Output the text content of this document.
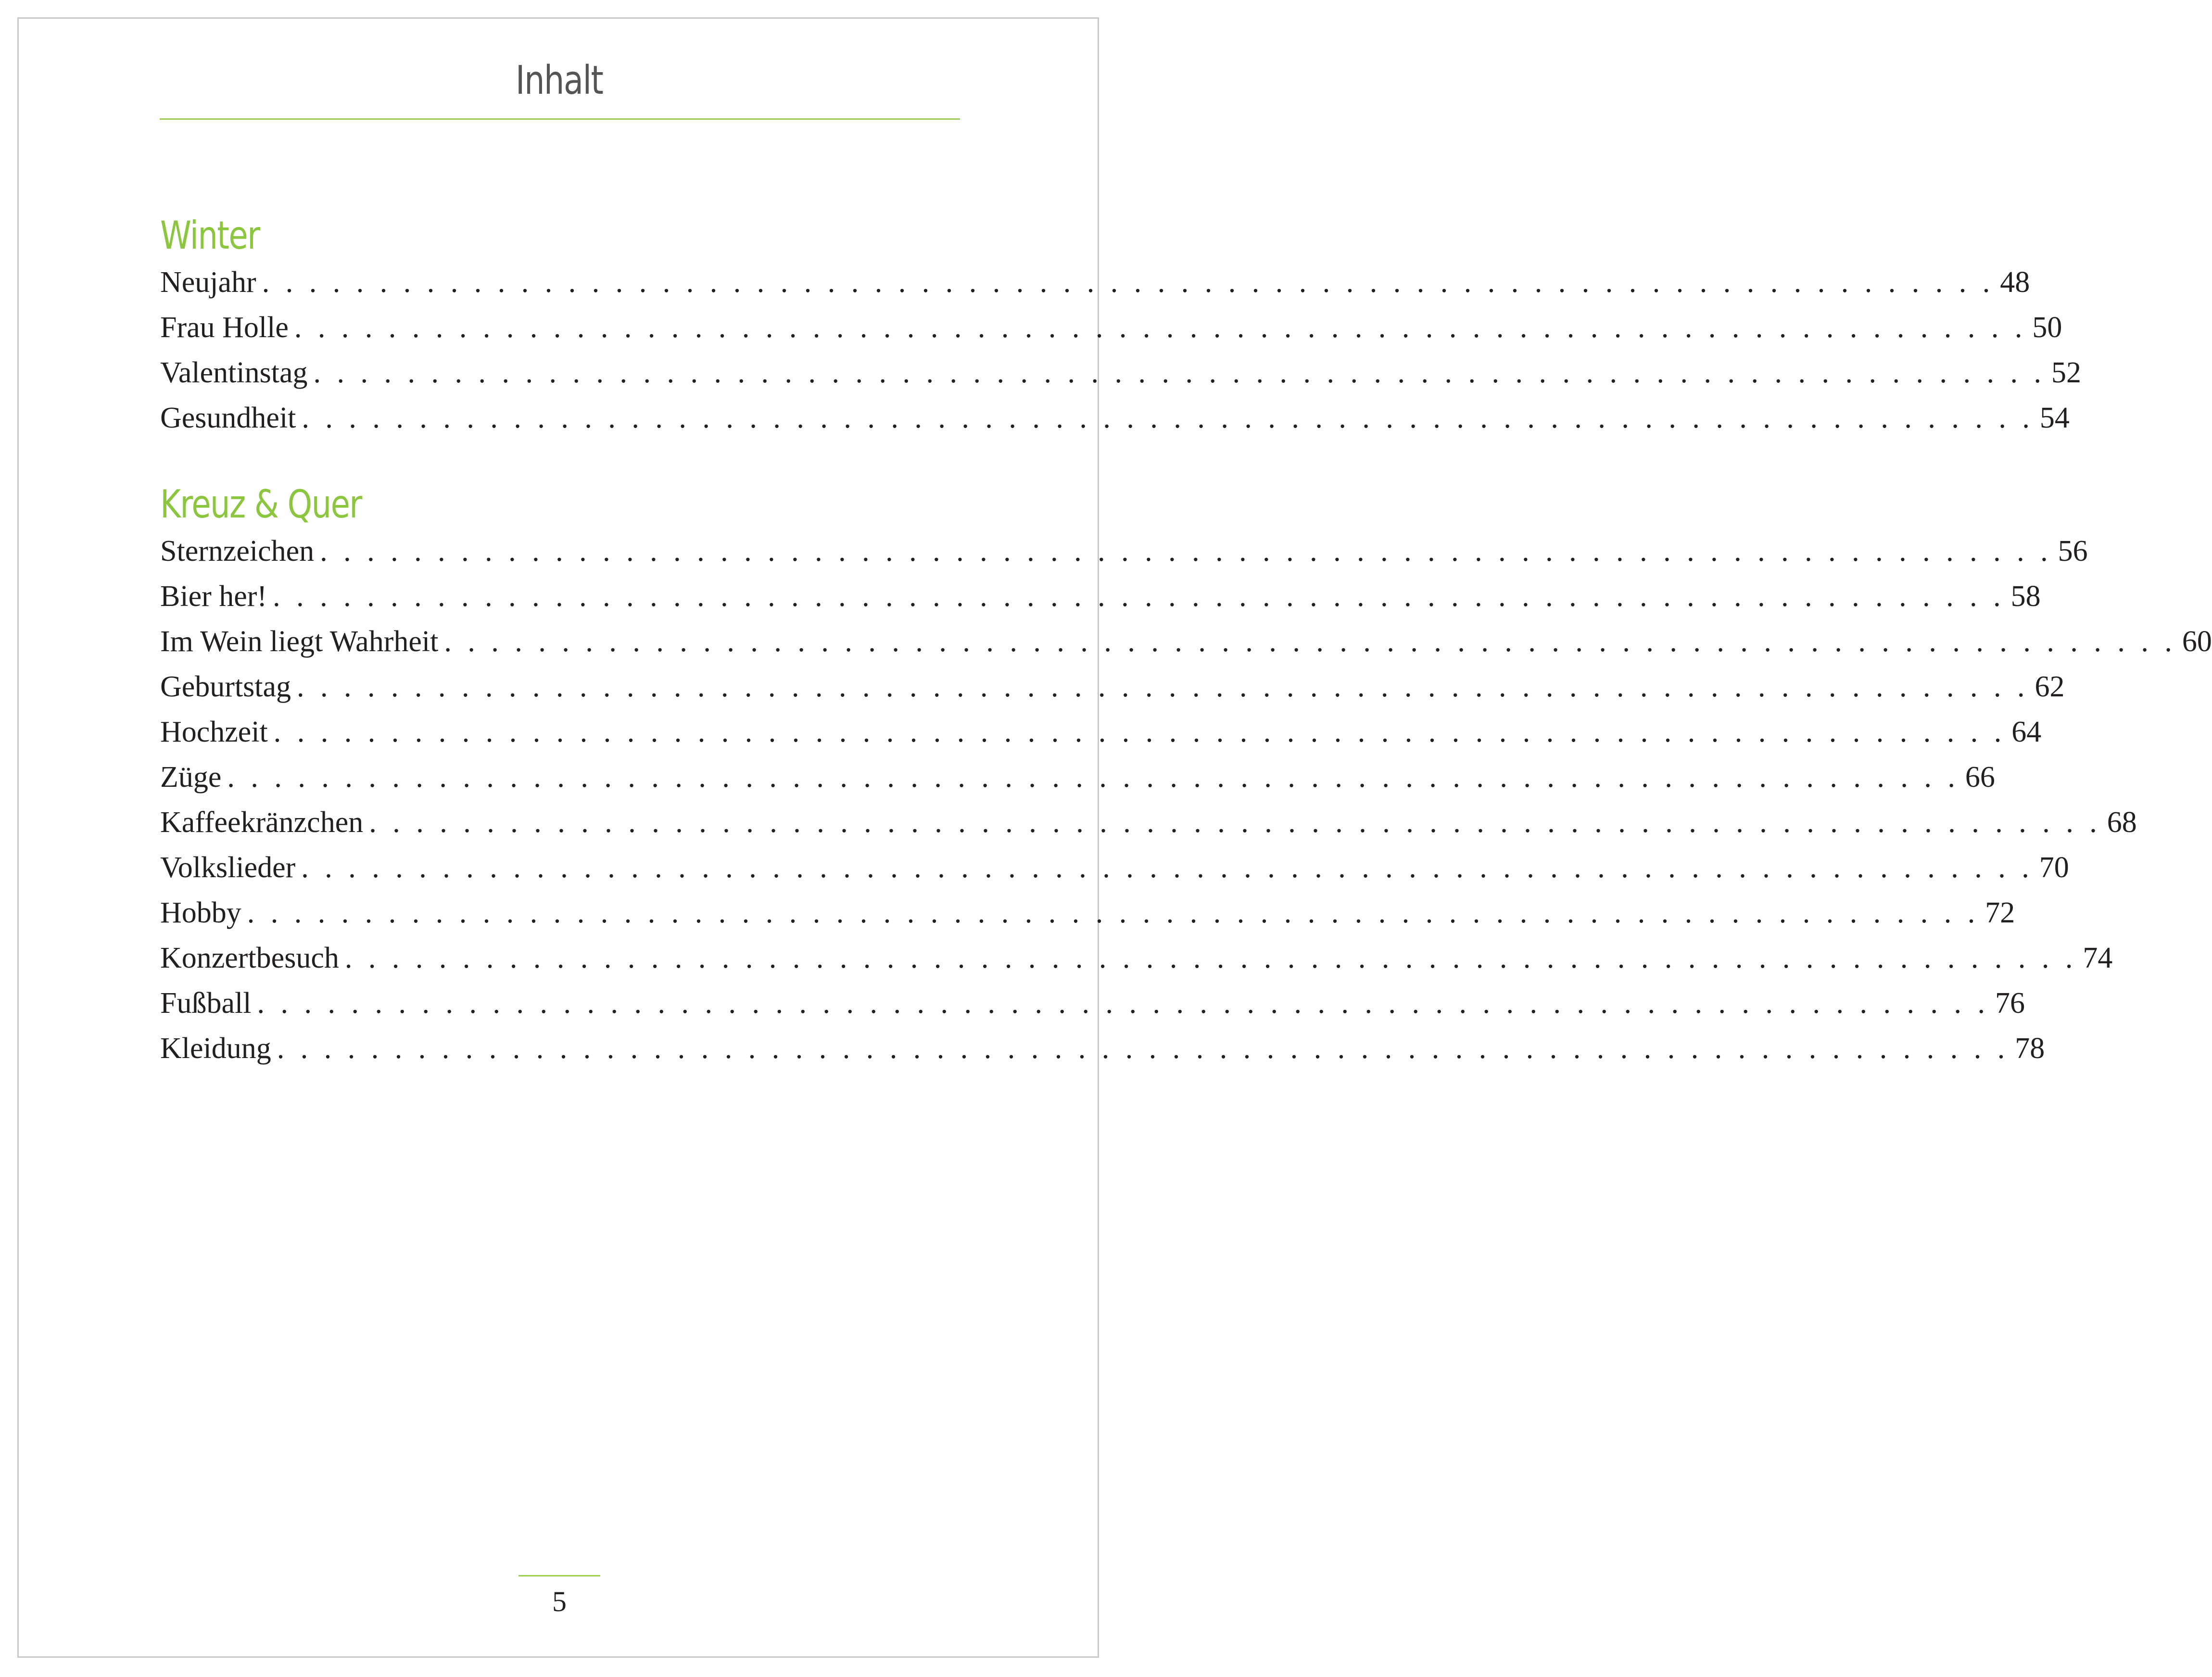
Inhalt
Winter
Neujahr . . . . . . . . . . . . . . . . . . . . . . . . . . . . . . . . . . . . . . . . . . . . . . . . . . . . . . . . . . . . . . . . . . . . . . . . . . 48
Frau Holle . . . . . . . . . . . . . . . . . . . . . . . . . . . . . . . . . . . . . . . . . . . . . . . . . . . . . . . . . . . . . . . . . . . . . . . . . . 50
Valentinstag . . . . . . . . . . . . . . . . . . . . . . . . . . . . . . . . . . . . . . . . . . . . . . . . . . . . . . . . . . . . . . . . . . . . . . . . . . 52
Gesundheit . . . . . . . . . . . . . . . . . . . . . . . . . . . . . . . . . . . . . . . . . . . . . . . . . . . . . . . . . . . . . . . . . . . . . . . . . . 54
Kreuz & Quer
Sternzeichen . . . . . . . . . . . . . . . . . . . . . . . . . . . . . . . . . . . . . . . . . . . . . . . . . . . . . . . . . . . . . . . . . . . . . . . . . . 56
Bier her! . . . . . . . . . . . . . . . . . . . . . . . . . . . . . . . . . . . . . . . . . . . . . . . . . . . . . . . . . . . . . . . . . . . . . . . . . . 58
Im Wein liegt Wahrheit . . . . . . . . . . . . . . . . . . . . . . . . . . . . . . . . . . . . . . . . . . . . . . . . . . . . . . . . . . . . . . . . . . . . . . . . . . 60
Geburtstag . . . . . . . . . . . . . . . . . . . . . . . . . . . . . . . . . . . . . . . . . . . . . . . . . . . . . . . . . . . . . . . . . . . . . . . . . . 62
Hochzeit . . . . . . . . . . . . . . . . . . . . . . . . . . . . . . . . . . . . . . . . . . . . . . . . . . . . . . . . . . . . . . . . . . . . . . . . . . 64
Züge . . . . . . . . . . . . . . . . . . . . . . . . . . . . . . . . . . . . . . . . . . . . . . . . . . . . . . . . . . . . . . . . . . . . . . . . . . 66
Kaffeekränzchen . . . . . . . . . . . . . . . . . . . . . . . . . . . . . . . . . . . . . . . . . . . . . . . . . . . . . . . . . . . . . . . . . . . . . . . . . . 68
Volkslieder . . . . . . . . . . . . . . . . . . . . . . . . . . . . . . . . . . . . . . . . . . . . . . . . . . . . . . . . . . . . . . . . . . . . . . . . . . 70
Hobby . . . . . . . . . . . . . . . . . . . . . . . . . . . . . . . . . . . . . . . . . . . . . . . . . . . . . . . . . . . . . . . . . . . . . . . . . . 72
Konzertbesuch . . . . . . . . . . . . . . . . . . . . . . . . . . . . . . . . . . . . . . . . . . . . . . . . . . . . . . . . . . . . . . . . . . . . . . . . . . 74
Fußball . . . . . . . . . . . . . . . . . . . . . . . . . . . . . . . . . . . . . . . . . . . . . . . . . . . . . . . . . . . . . . . . . . . . . . . . . . 76
Kleidung . . . . . . . . . . . . . . . . . . . . . . . . . . . . . . . . . . . . . . . . . . . . . . . . . . . . . . . . . . . . . . . . . . . . . . . . . . 78
5
